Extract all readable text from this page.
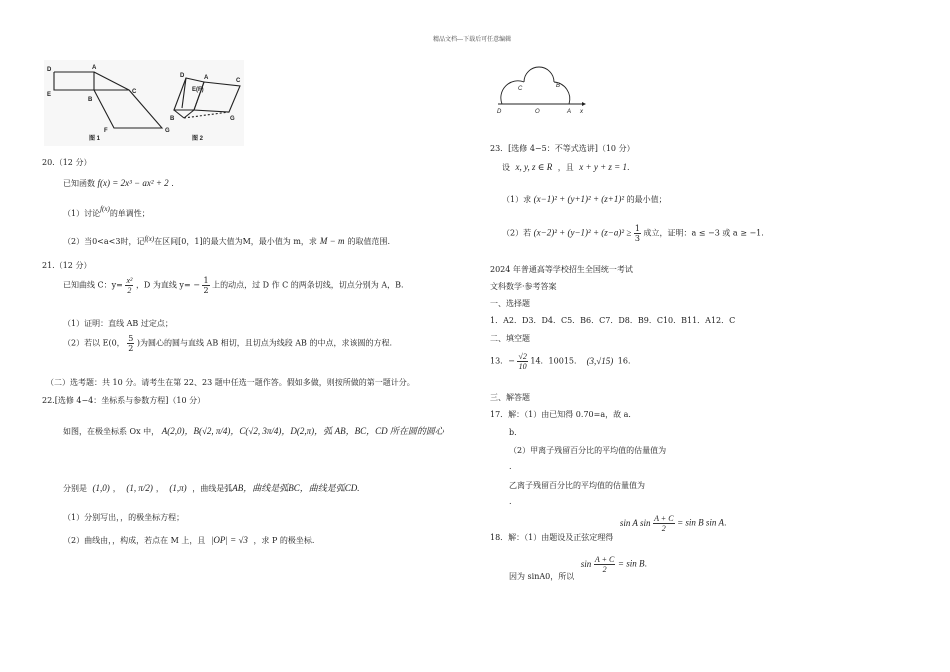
精品文档---下载后可任意编辑
D	A
E
B
C
F	G
图 1
D	A
E(F)
C
B	G
图 2
C	B
D	O	A x
20.（12 分）
已知函数 f(x) = 2x³ − ax² + 2 .
（1）讨论f(x)的单调性；
（2）当0<a<3时，记f(x)在区间[0，1]的最大值为M，最小值为 m，求 M − m 的取值范围.
21.（12 分）
已知曲线 C：$y= \frac{\text{x²}}{2}$ ，D 为直线 $y= - \frac{1}{2}$ 上的动点，过 D 作 C 的两条切线，切点分别为 A，B.
（1）证明：直线 AB 过定点；
（2）若以 E(0， $\frac{5}{2}$ )为圆心的圆与直线 AB 相切，且切点为线段 AB 的中点，求该圆的方程.
（二）选考题：共 10 分。请考生在第 22、23 题中任选一题作答。假如多做，则按所做的第一题计分。
22.[选修 4−4：坐标系与参数方程]（10 分）
如图，在极坐标系 Ox 中， A(2,0)，B(√2, π/4)，C(√2, 3π/4)，D(2,π)，弧 AB，BC，CD 所在圆的圆心
分别是 (1,0) ， (1, π/2) ， (1,π) ，曲线是弧AB，曲线是弧BC，曲线是弧CD.
（1）分别写出，，的极坐标方程；
（2）曲线由，，构成，若点在 M 上，且 |OP| = √3 ，求 P 的极坐标.
23．[选修 4−5：不等式选讲]（10 分）
设 x, y, z ∈ R ，且 x + y + z = 1.
（1）求 (x−1)² + (y+1)² + (z+1)² 的最小值；
（2）若 $(x-2)^2 + (y-1)^2 + (z-a)^2 \ge \frac{1}{3}$ 成立，证明：a ≤ −3 或 a ≥ −1.
2024 年普通高等学校招生全国统一考试
文科数学·参考答案
一、选择题
1．A2．D3．D4．C5．B6．C7．D8．B9．C10．B11．A12．C
二、填空题
13．− $\frac{√2}{10} 14$．10015． (3,√15) 16．
三、解答题
17．解：（1）由已知得 0.70=a，故 a．
b．
（2）甲离子残留百分比的平均值的估量值为
.
乙离子残留百分比的平均值的估量值为
.
18．解：（1）由题设及正弦定理得 sin A $\sin \frac{A + C}{2} = \sin B$ sin A.
因为 sinA0，所以 $\sin \frac{A + C}{2} = \sin B$.
